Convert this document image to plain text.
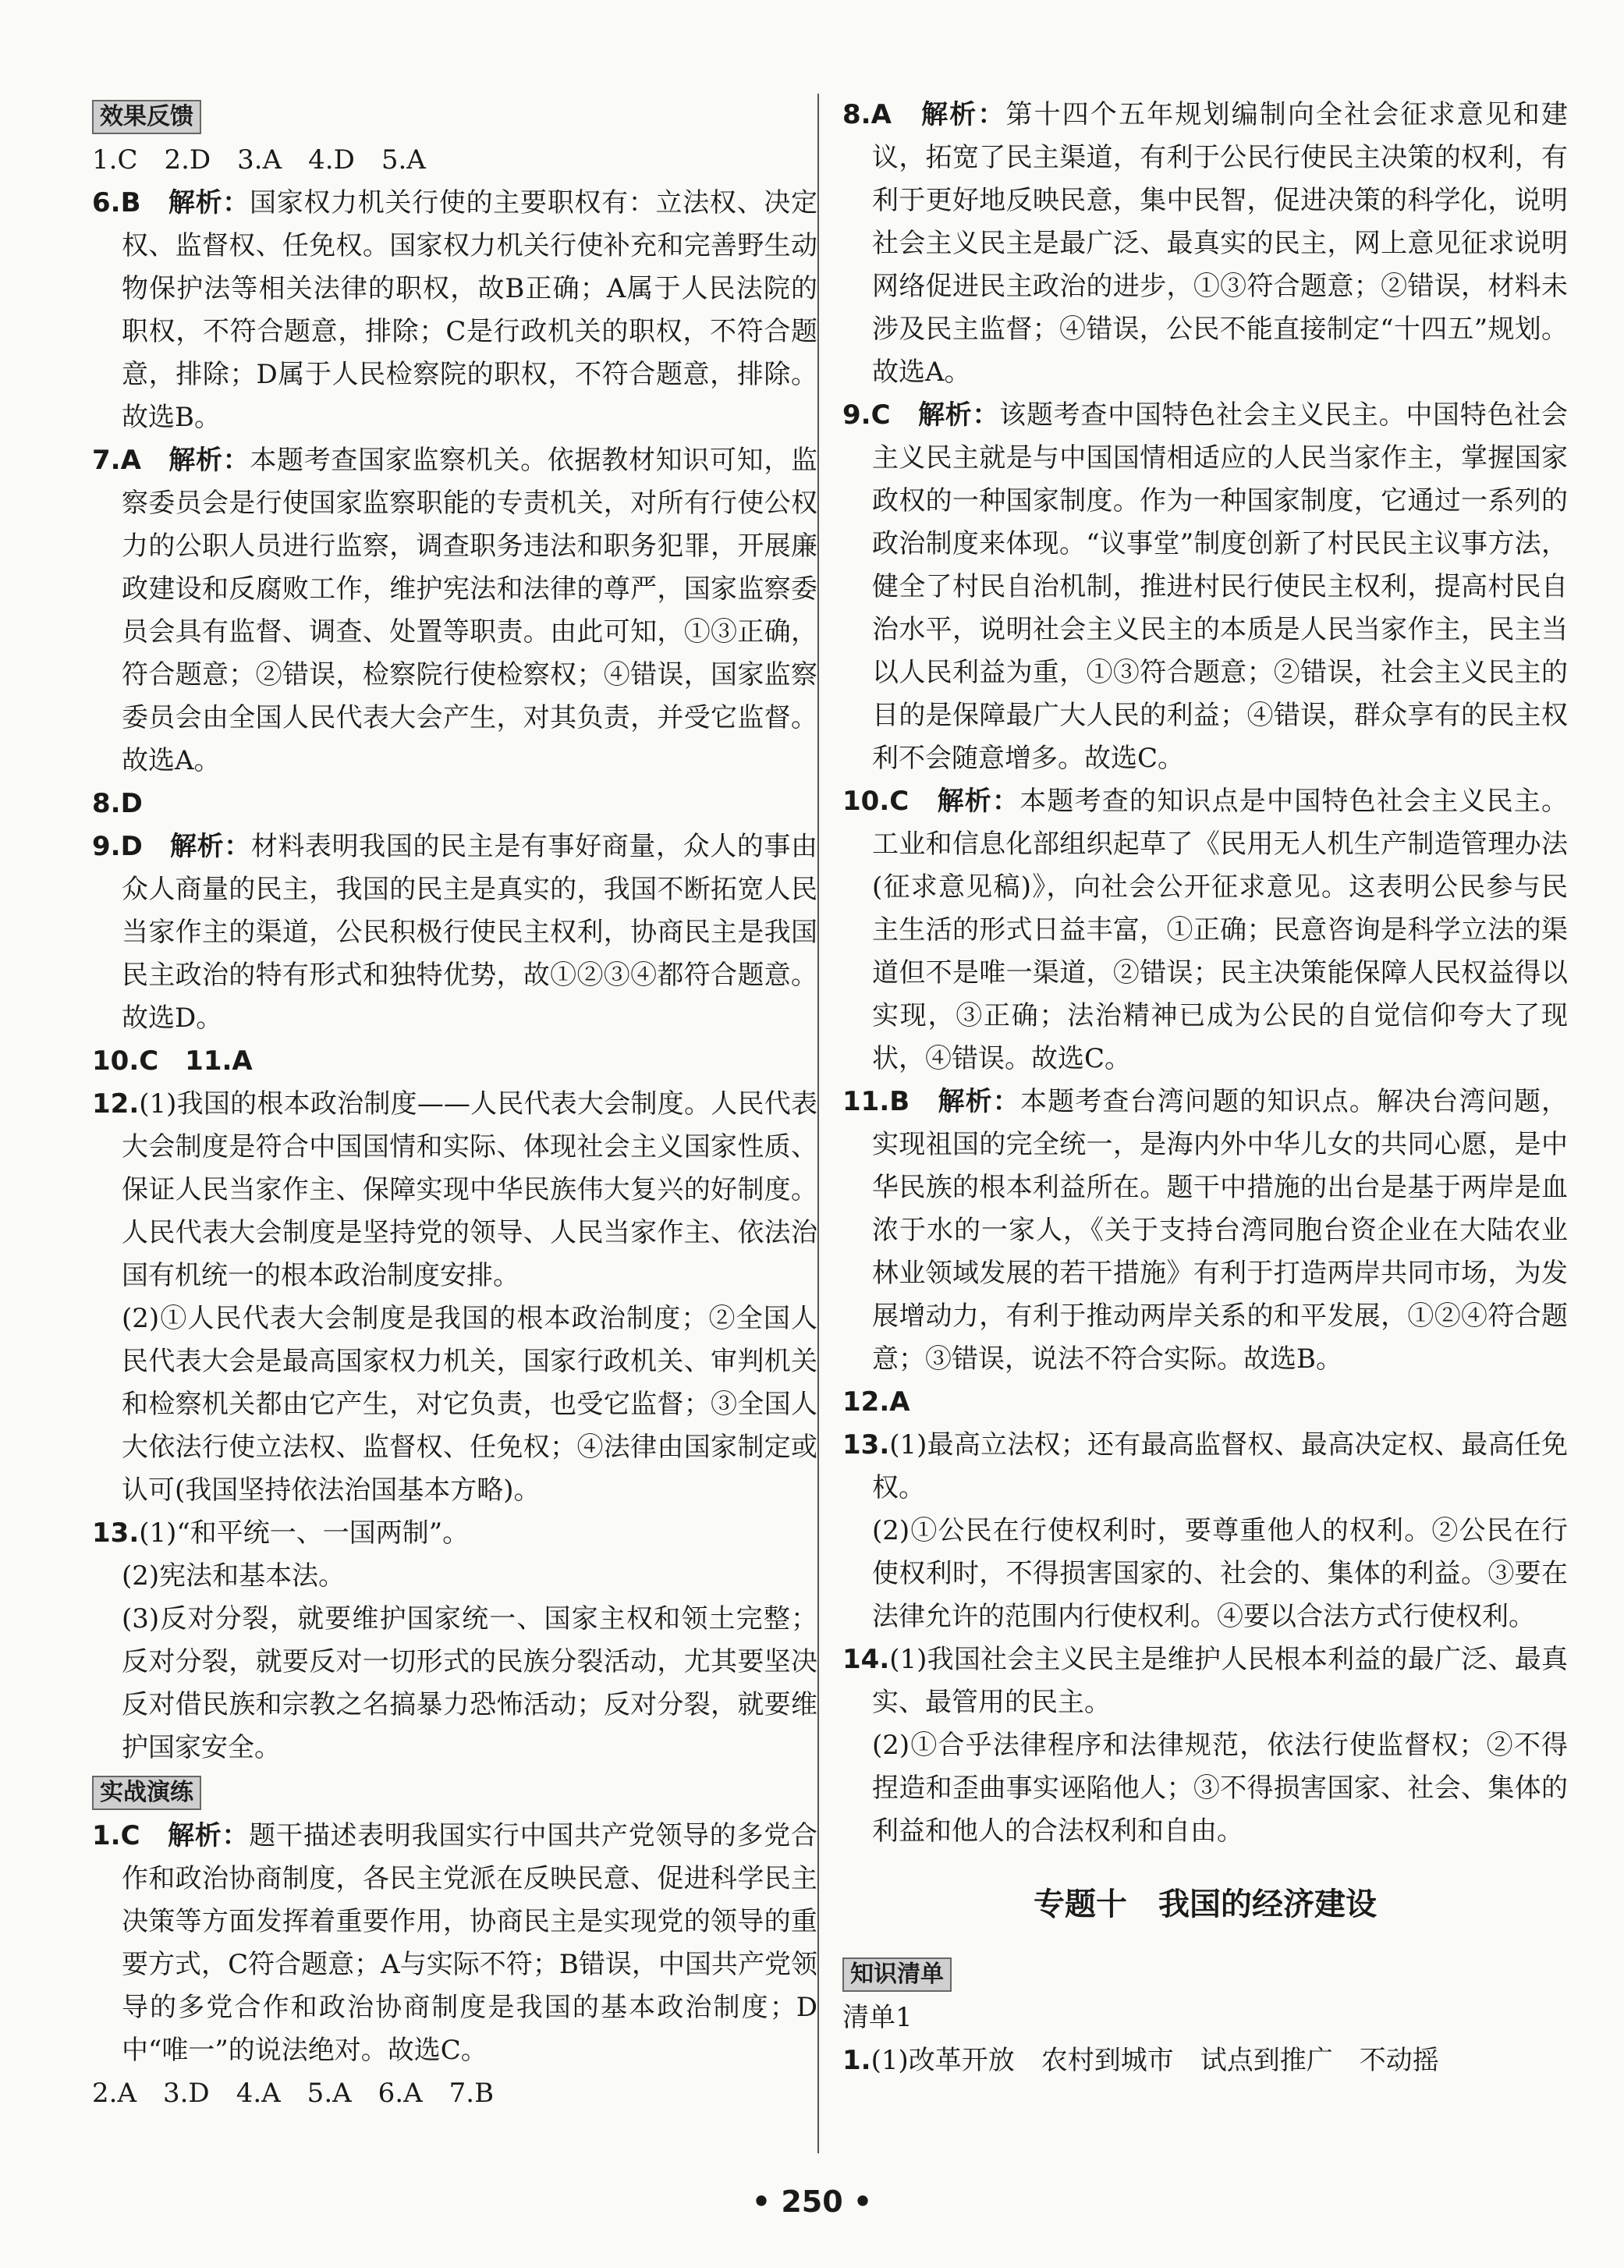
效果反馈

1.C　2.D　3.A　4.D　5.A

6.B　解析：国家权力机关行使的主要职权有：立法权、决定权、监督权、任免权。国家权力机关行使补充和完善野生动物保护法等相关法律的职权，故B正确；A属于人民法院的职权，不符合题意，排除；C是行政机关的职权，不符合题意，排除；D属于人民检察院的职权，不符合题意，排除。故选B。

7.A　解析：本题考查国家监察机关。依据教材知识可知，监察委员会是行使国家监察职能的专责机关，对所有行使公权力的公职人员进行监察，调查职务违法和职务犯罪，开展廉政建设和反腐败工作，维护宪法和法律的尊严，国家监察委员会具有监督、调查、处置等职责。由此可知，①③正确，符合题意；②错误，检察院行使检察权；④错误，国家监察委员会由全国人民代表大会产生，对其负责，并受它监督。故选A。

8.D

9.D　解析：材料表明我国的民主是有事好商量，众人的事由众人商量的民主，我国的民主是真实的，我国不断拓宽人民当家作主的渠道，公民积极行使民主权利，协商民主是我国民主政治的特有形式和独特优势，故①②③④都符合题意。故选D。

10.C　11.A

12.(1)我国的根本政治制度——人民代表大会制度。人民代表大会制度是符合中国国情和实际、体现社会主义国家性质、保证人民当家作主、保障实现中华民族伟大复兴的好制度。人民代表大会制度是坚持党的领导、人民当家作主、依法治国有机统一的根本政治制度安排。

(2)①人民代表大会制度是我国的根本政治制度；②全国人民代表大会是最高国家权力机关，国家行政机关、审判机关和检察机关都由它产生，对它负责，也受它监督；③全国人大依法行使立法权、监督权、任免权；④法律由国家制定或认可(我国坚持依法治国基本方略)。

13.(1)“和平统一、一国两制”。

(2)宪法和基本法。

(3)反对分裂，就要维护国家统一、国家主权和领土完整；反对分裂，就要反对一切形式的民族分裂活动，尤其要坚决反对借民族和宗教之名搞暴力恐怖活动；反对分裂，就要维护国家安全。

实战演练

1.C　解析：题干描述表明我国实行中国共产党领导的多党合作和政治协商制度，各民主党派在反映民意、促进科学民主决策等方面发挥着重要作用，协商民主是实现党的领导的重要方式，C符合题意；A与实际不符；B错误，中国共产党领导的多党合作和政治协商制度是我国的基本政治制度；D中“唯一”的说法绝对。故选C。

2.A　3.D　4.A　5.A　6.A　7.B

8.A　解析：第十四个五年规划编制向全社会征求意见和建议，拓宽了民主渠道，有利于公民行使民主决策的权利，有利于更好地反映民意，集中民智，促进决策的科学化，说明社会主义民主是最广泛、最真实的民主，网上意见征求说明网络促进民主政治的进步，①③符合题意；②错误，材料未涉及民主监督；④错误，公民不能直接制定“十四五”规划。故选A。

9.C　解析：该题考查中国特色社会主义民主。中国特色社会主义民主就是与中国国情相适应的人民当家作主，掌握国家政权的一种国家制度。作为一种国家制度，它通过一系列的政治制度来体现。“议事堂”制度创新了村民民主议事方法，健全了村民自治机制，推进村民行使民主权利，提高村民自治水平，说明社会主义民主的本质是人民当家作主，民主当以人民利益为重，①③符合题意；②错误，社会主义民主的目的是保障最广大人民的利益；④错误，群众享有的民主权利不会随意增多。故选C。

10.C　解析：本题考查的知识点是中国特色社会主义民主。工业和信息化部组织起草了《民用无人机生产制造管理办法(征求意见稿)》，向社会公开征求意见。这表明公民参与民主生活的形式日益丰富，①正确；民意咨询是科学立法的渠道但不是唯一渠道，②错误；民主决策能保障人民权益得以实现，③正确；法治精神已成为公民的自觉信仰夸大了现状，④错误。故选C。

11.B　解析：本题考查台湾问题的知识点。解决台湾问题，实现祖国的完全统一，是海内外中华儿女的共同心愿，是中华民族的根本利益所在。题干中措施的出台是基于两岸是血浓于水的一家人，《关于支持台湾同胞台资企业在大陆农业林业领域发展的若干措施》有利于打造两岸共同市场，为发展增动力，有利于推动两岸关系的和平发展，①②④符合题意；③错误，说法不符合实际。故选B。

12.A

13.(1)最高立法权；还有最高监督权、最高决定权、最高任免权。

(2)①公民在行使权利时，要尊重他人的权利。②公民在行使权利时，不得损害国家的、社会的、集体的利益。③要在法律允许的范围内行使权利。④要以合法方式行使权利。

14.(1)我国社会主义民主是维护人民根本利益的最广泛、最真实、最管用的民主。

(2)①合乎法律程序和法律规范，依法行使监督权；②不得捏造和歪曲事实诬陷他人；③不得损害国家、社会、集体的利益和他人的合法权利和自由。

专题十　我国的经济建设
知识清单

清单1

1.(1)改革开放　农村到城市　试点到推广　不动摇

• 250 •
